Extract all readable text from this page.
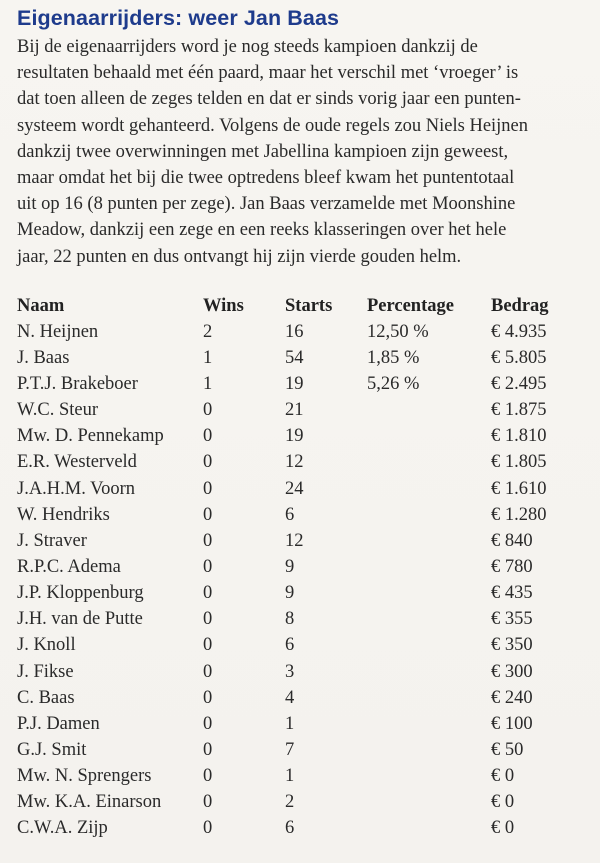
Eigenaarrijders: weer Jan Baas
Bij de eigenaarrijders word je nog steeds kampioen dankzij de
resultaten behaald met één paard, maar het verschil met ‘vroeger’ is
dat toen alleen de zeges telden en dat er sinds vorig jaar een punten-
systeem wordt gehanteerd. Volgens de oude regels zou Niels Heijnen
dankzij twee overwinningen met Jabellina kampioen zijn geweest,
maar omdat het bij die twee optredens bleef kwam het puntentotaal
uit op 16 (8 punten per zege). Jan Baas verzamelde met Moonshine
Meadow, dankzij een zege en een reeks klasseringen over het hele
jaar, 22 punten en dus ontvangt hij zijn vierde gouden helm.
Naam	Wins	Starts	Percentage	Bedrag
N. Heijnen	2	16	12,50 %	€ 4.935
J. Baas	1	54	1,85 %	€ 5.805
P.T.J. Brakeboer	1	19	5,26 %	€ 2.495
W.C. Steur	0	21		€ 1.875
Mw. D. Pennekamp	0	19		€ 1.810
E.R. Westerveld	0	12		€ 1.805
J.A.H.M. Voorn	0	24		€ 1.610
W. Hendriks	0	6		€ 1.280
J. Straver	0	12		€ 840
R.P.C. Adema	0	9		€ 780
J.P. Kloppenburg	0	9		€ 435
J.H. van de Putte	0	8		€ 355
J. Knoll	0	6		€ 350
J. Fikse	0	3		€ 300
C. Baas	0	4		€ 240
P.J. Damen	0	1		€ 100
G.J. Smit	0	7		€ 50
Mw. N. Sprengers	0	1		€ 0
Mw. K.A. Einarson	0	2		€ 0
C.W.A. Zijp	0	6		€ 0
